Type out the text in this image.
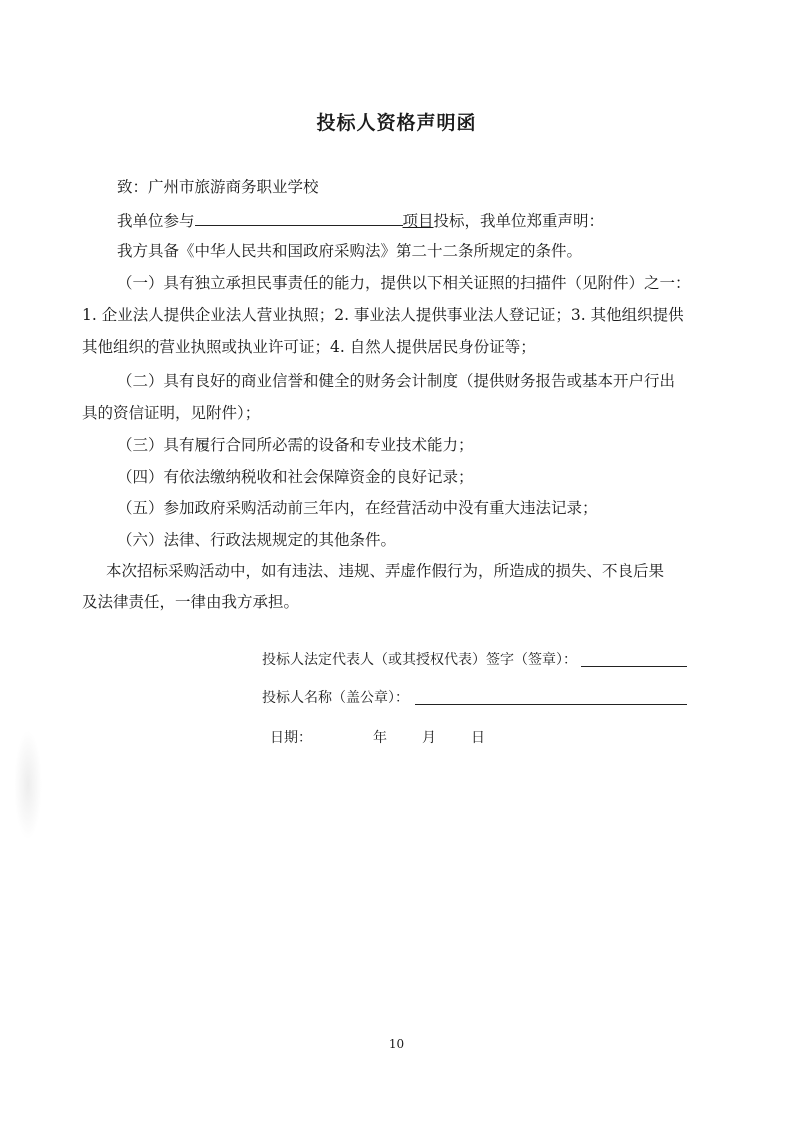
投标人资格声明函
致：广州市旅游商务职业学校
我单位参与	项目投标，我单位郑重声明：
我方具备《中华人民共和国政府采购法》第二十二条所规定的条件。
（一）具有独立承担民事责任的能力，提供以下相关证照的扫描件（见附件）之一：
1. 企业法人提供企业法人营业执照；2. 事业法人提供事业法人登记证；3. 其他组织提供
其他组织的营业执照或执业许可证；4. 自然人提供居民身份证等；
（二）具有良好的商业信誉和健全的财务会计制度（提供财务报告或基本开户行出
具的资信证明，见附件）；
（三）具有履行合同所必需的设备和专业技术能力；
（四）有依法缴纳税收和社会保障资金的良好记录；
（五）参加政府采购活动前三年内，在经营活动中没有重大违法记录；
（六）法律、行政法规规定的其他条件。
本次招标采购活动中，如有违法、违规、弄虚作假行为，所造成的损失、不良后果
及法律责任，一律由我方承担。
投标人法定代表人（或其授权代表）签字（签章）：
投标人名称（盖公章）：
日期：	年	月	日
10
